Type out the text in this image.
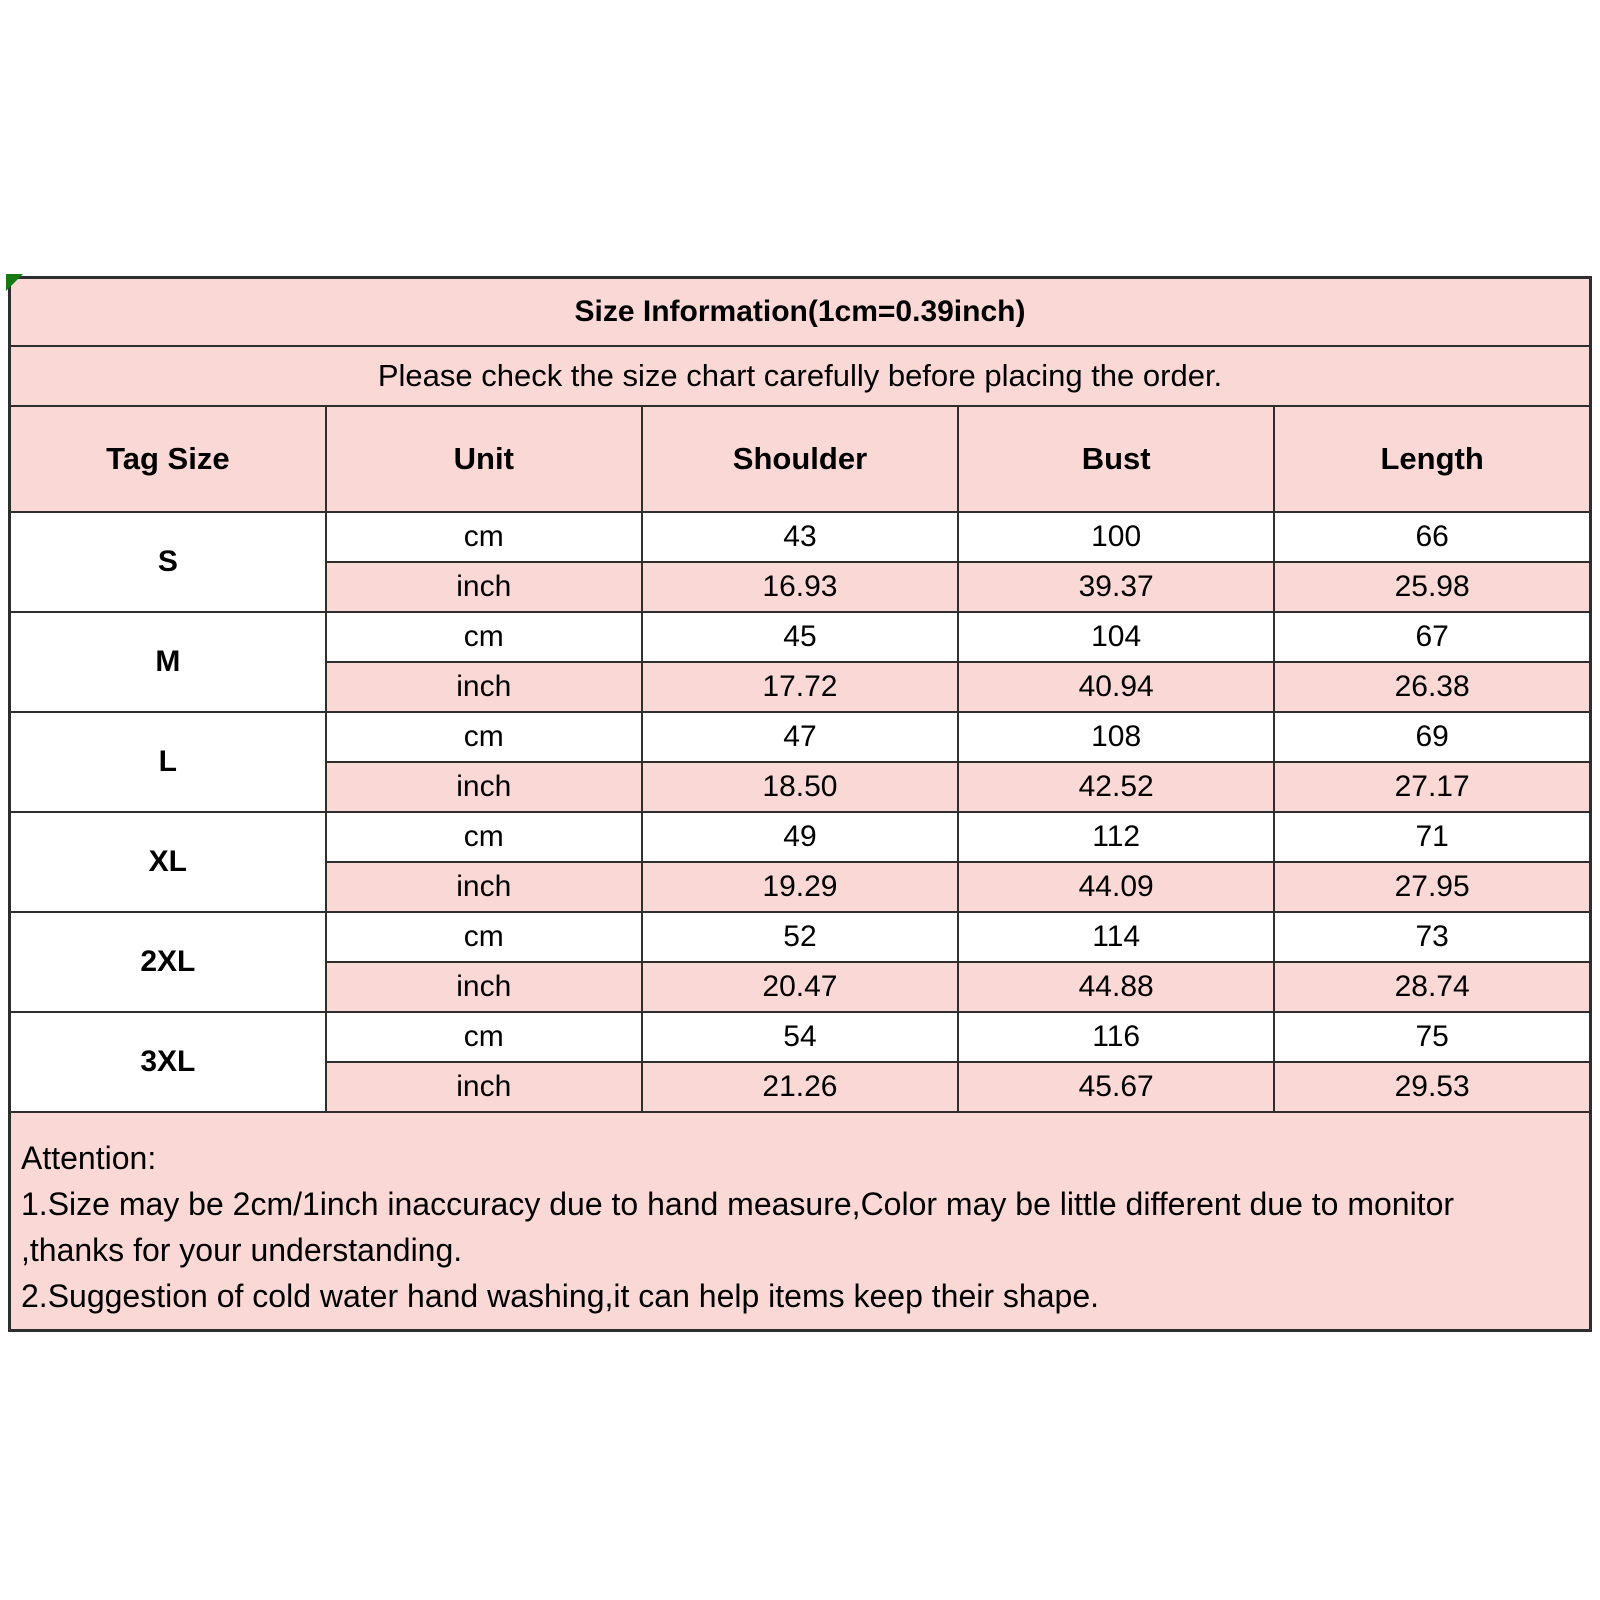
Size Information(1cm=0.39inch)				
Please check the size chart carefully before placing the order.				
Tag Size	Unit	Shoulder	Bust	Length
S	cm	43	100	66
	inch	16.93	39.37	25.98
M	cm	45	104	67
	inch	17.72	40.94	26.38
L	cm	47	108	69
	inch	18.50	42.52	27.17
XL	cm	49	112	71
	inch	19.29	44.09	27.95
2XL	cm	52	114	73
	inch	20.47	44.88	28.74
3XL	cm	54	116	75
	inch	21.26	45.67	29.53

Attention:
1.Size may be 2cm/1inch inaccuracy due to hand measure,Color may be little different due to monitor
,thanks for your understanding.
2.Suggestion of cold water hand washing,it can help items keep their shape.				
